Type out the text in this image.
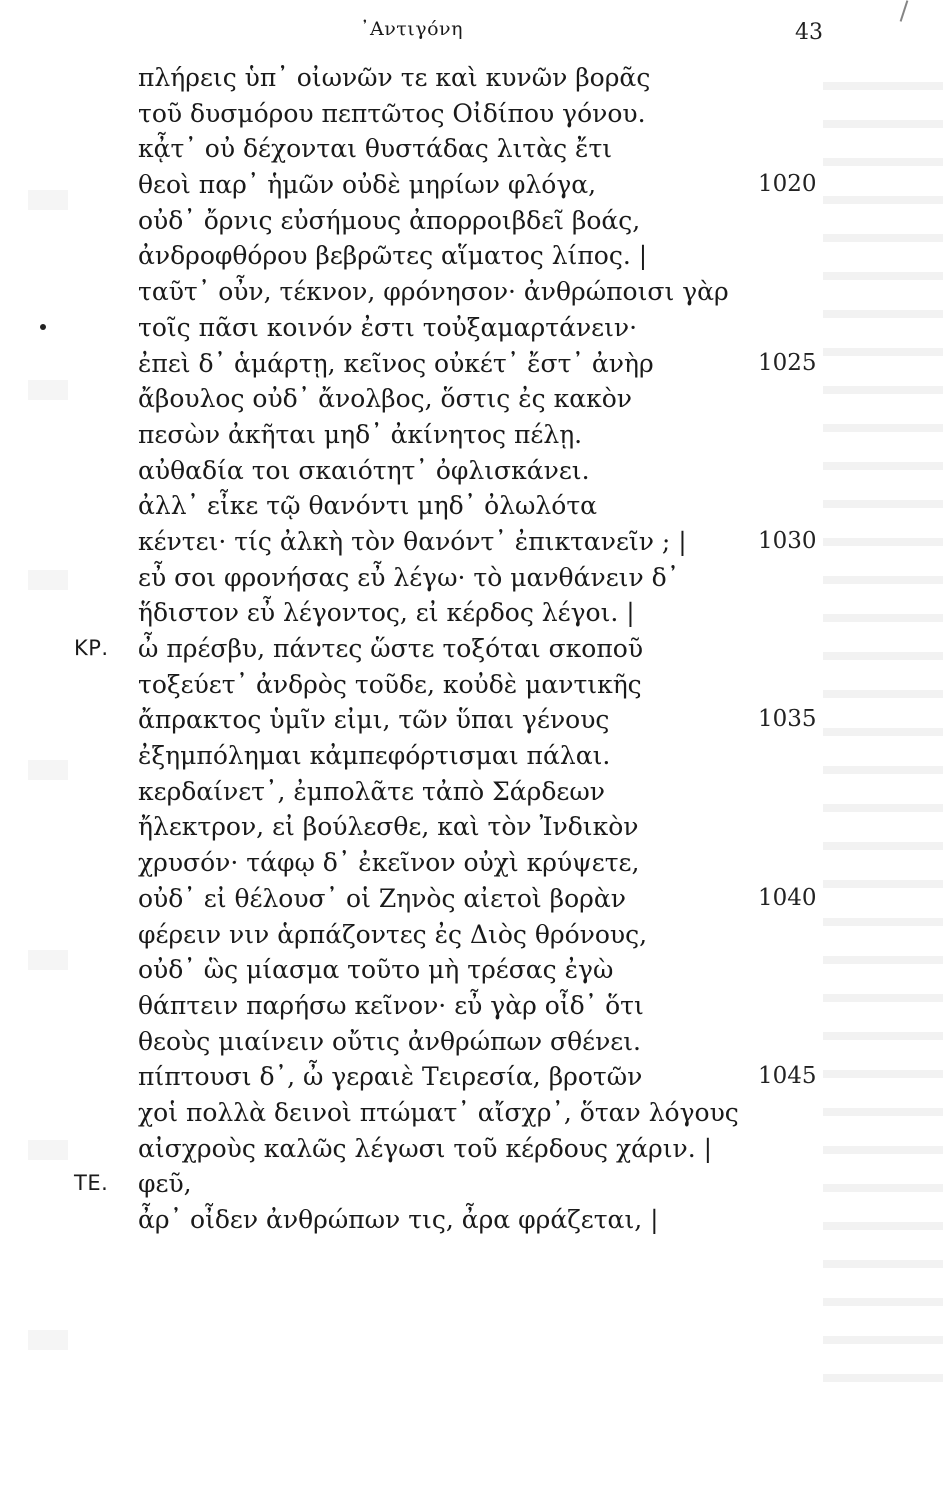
᾿Αντιγόνη	43
πλήρεις ὑπ᾿ οἰωνῶν τε καὶ κυνῶν βορᾶς
τοῦ δυσμόρου πεπτῶτος Οἰδίπου γόνου.
κᾆτ᾿ οὐ δέχονται θυστάδας λιτὰς ἔτι
θεοὶ παρ᾿ ἡμῶν οὐδὲ μηρίων φλόγα,	1020
οὐδ᾿ ὄρνις εὐσήμους ἀπορροιβδεῖ βοάς,
ἀνδροφθόρου βεβρῶτες αἵματος λίπος. |
ταῦτ᾿ οὖν, τέκνον, φρόνησον· ἀνθρώποισι γὰρ
τοῖς πᾶσι κοινόν ἐστι τοὐξαμαρτάνειν·
ἐπεὶ δ᾿ ἁμάρτῃ, κεῖνος οὐκέτ᾿ ἔστ᾿ ἀνὴρ	1025
ἄβουλος οὐδ᾿ ἄνολβος, ὅστις ἐς κακὸν
πεσὼν ἀκῆται μηδ᾿ ἀκίνητος πέλῃ.
αὐθαδία τοι σκαιότητ᾿ ὀφλισκάνει.
ἀλλ᾿ εἶκε τῷ θανόντι μηδ᾿ ὀλωλότα
κέντει· τίς ἀλκὴ τὸν θανόντ᾿ ἐπικτανεῖν ; |	1030
εὖ σοι φρονήσας εὖ λέγω· τὸ μανθάνειν δ᾿
ἥδιστον εὖ λέγοντος, εἰ κέρδος λέγοι. |
ΚΡ. ὦ πρέσβυ, πάντες ὥστε τοξόται σκοποῦ
τοξεύετ᾿ ἀνδρὸς τοῦδε, κοὐδὲ μαντικῆς
ἄπρακτος ὑμῖν εἰμι, τῶν ὕπαι γένους	1035
ἐξημπόλημαι κἀμπεφόρτισμαι πάλαι.
κερδαίνετ᾿, ἐμπολᾶτε τἀπὸ Σάρδεων
ἤλεκτρον, εἰ βούλεσθε, καὶ τὸν Ἰνδικὸν
χρυσόν· τάφῳ δ᾿ ἐκεῖνον οὐχὶ κρύψετε,
οὐδ᾿ εἰ θέλουσ᾿ οἱ Ζηνὸς αἰετοὶ βορὰν	1040
φέρειν νιν ἁρπάζοντες ἐς Διὸς θρόνους,
οὐδ᾿ ὣς μίασμα τοῦτο μὴ τρέσας ἐγὼ
θάπτειν παρήσω κεῖνον· εὖ γὰρ οἶδ᾿ ὅτι
θεοὺς μιαίνειν οὔτις ἀνθρώπων σθένει.
πίπτουσι δ᾿, ὦ γεραιὲ Τειρεσία, βροτῶν	1045
χοἱ πολλὰ δεινοὶ πτώματ᾿ αἴσχρ᾿, ὅταν λόγους
αἰσχροὺς καλῶς λέγωσι τοῦ κέρδους χάριν. |
ΤΕ. φεῦ,
ἆρ᾿ οἶδεν ἀνθρώπων τις, ἆρα φράζεται, |
